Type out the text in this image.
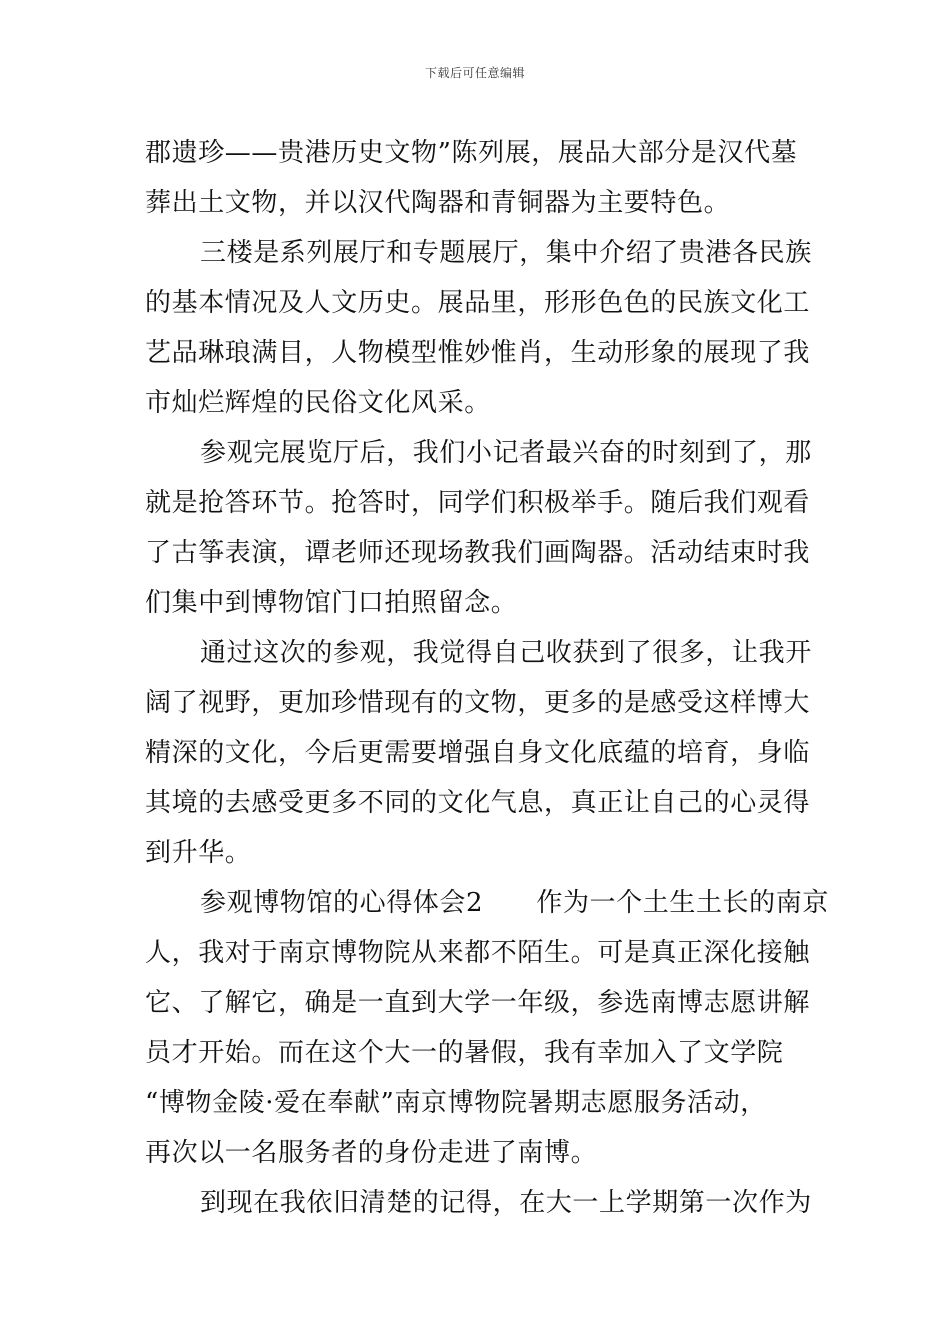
下载后可任意编辑
郡遗珍——贵港历史文物”陈列展，展品大部分是汉代墓
葬出土文物，并以汉代陶器和青铜器为主要特色。
三楼是系列展厅和专题展厅，集中介绍了贵港各民族
的基本情况及人文历史。展品里，形形色色的民族文化工
艺品琳琅满目，人物模型惟妙惟肖，生动形象的展现了我
市灿烂辉煌的民俗文化风采。
参观完展览厅后，我们小记者最兴奋的时刻到了，那
就是抢答环节。抢答时，同学们积极举手。随后我们观看
了古筝表演，谭老师还现场教我们画陶器。活动结束时我
们集中到博物馆门口拍照留念。
通过这次的参观，我觉得自己收获到了很多，让我开
阔了视野，更加珍惜现有的文物，更多的是感受这样博大
精深的文化，今后更需要增强自身文化底蕴的培育，身临
其境的去感受更多不同的文化气息，真正让自己的心灵得
到升华。
参观博物馆的心得体会2　　作为一个土生土长的南京
人，我对于南京博物院从来都不陌生。可是真正深化接触
它、了解它，确是一直到大学一年级，参选南博志愿讲解
员才开始。而在这个大一的暑假，我有幸加入了文学院
“博物金陵·爱在奉献”南京博物院暑期志愿服务活动，
再次以一名服务者的身份走进了南博。
到现在我依旧清楚的记得，在大一上学期第一次作为
